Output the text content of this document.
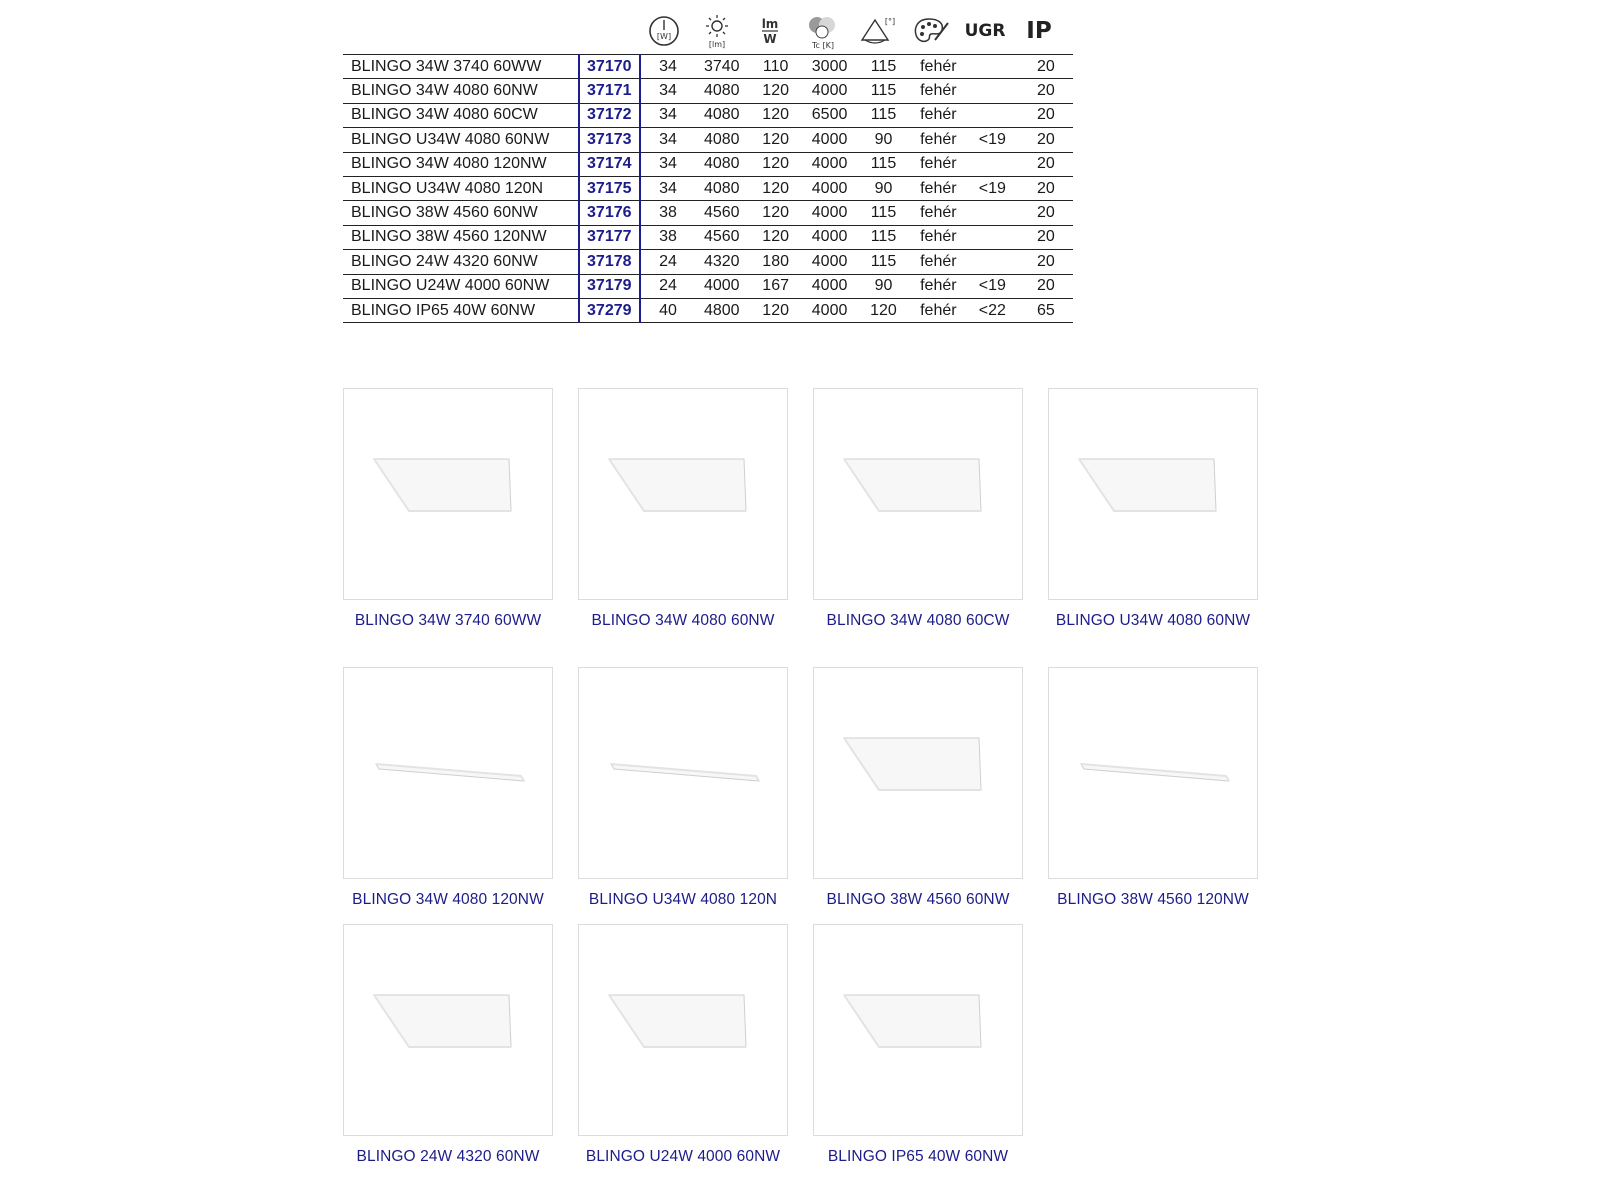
[W]
[lm]
lm
W	Tc [K]
[°]	UGR IP
BLINGO 34W 3740 60WW	37170	34	3740	110	3000	115	fehér		20
BLINGO 34W 4080 60NW	37171	34	4080	120	4000	115	fehér		20
BLINGO 34W 4080 60CW	37172	34	4080	120	6500	115	fehér		20
BLINGO U34W 4080 60NW	37173	34	4080	120	4000	90	fehér	<19	20
BLINGO 34W 4080 120NW	37174	34	4080	120	4000	115	fehér		20
BLINGO U34W 4080 120N	37175	34	4080	120	4000	90	fehér	<19	20
BLINGO 38W 4560 60NW	37176	38	4560	120	4000	115	fehér		20
BLINGO 38W 4560 120NW	37177	38	4560	120	4000	115	fehér		20
BLINGO 24W 4320 60NW	37178	24	4320	180	4000	115	fehér		20
BLINGO U24W 4000 60NW	37179	24	4000	167	4000	90	fehér	<19	20
BLINGO IP65 40W 60NW	37279	40	4800	120	4000	120	fehér	<22	65
BLINGO 34W 3740 60WW	BLINGO 34W 4080 60NW	BLINGO 34W 4080 60CW	BLINGO U34W 4080 60NW
BLINGO 34W 4080 120NW	BLINGO U34W 4080 120N	BLINGO 38W 4560 60NW	BLINGO 38W 4560 120NW
BLINGO 24W 4320 60NW	BLINGO U24W 4000 60NW	BLINGO IP65 40W 60NW
